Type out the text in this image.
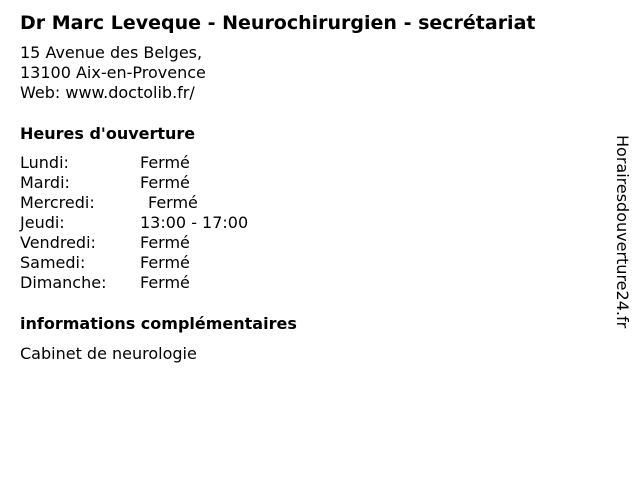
Dr Marc Leveque - Neurochirurgien - secrétariat
15 Avenue des Belges,
13100 Aix-en-Provence
Web: www.doctolib.fr/
Heures d'ouverture
Lundi:	Fermé
Mardi:	Fermé
Mercredi:	Fermé
Jeudi:	13:00 - 17:00
Vendredi:	Fermé
Samedi:	Fermé
Dimanche: Fermé
informations complémentaires
Cabinet de neurologie
Horairesdouverture24.fr
